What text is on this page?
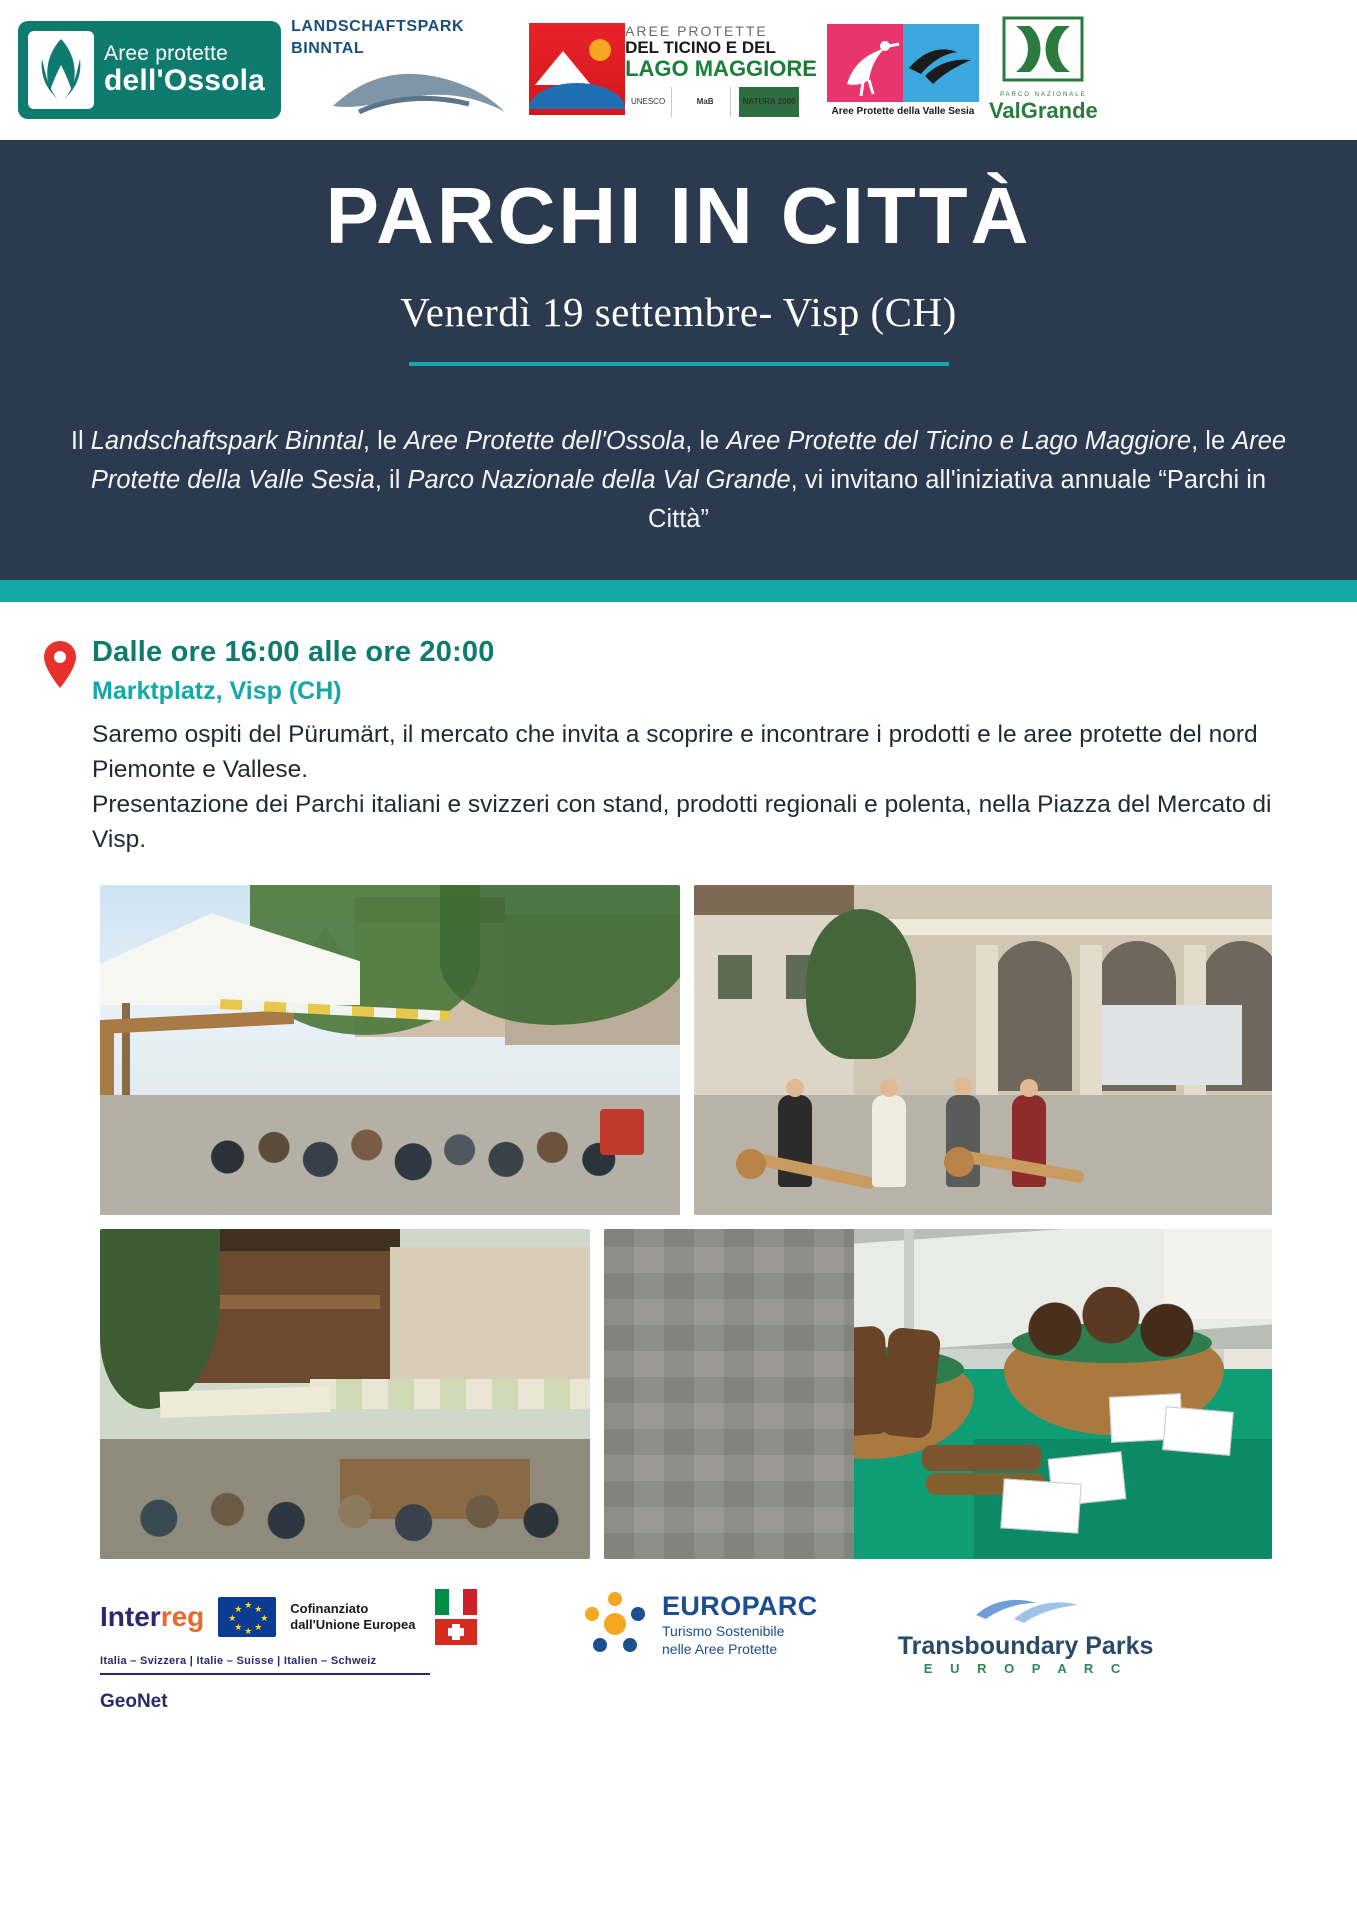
Aree protette
dell'Ossola
LANDSCHAFTSPARK
BINNTAL
AREE PROTETTE
DEL TICINO E DEL
LAGO MAGGIORE
UNESCO	MaB	NATURA 2000
Aree Protette della Valle Sesia
PARCO NAZIONALE
ValGrande
PARCHI IN CITTÀ
Venerdì 19 settembre- Visp (CH)

Il Landschaftspark Binntal, le Aree Protette dell'Ossola, le Aree Protette del Ticino e Lago Maggiore, le Aree Protette della Valle Sesia, il Parco Nazionale della Val Grande, vi invitano all'iniziativa annuale “Parchi in Città”

Dalle ore 16:00 alle ore 20:00

Marktplatz, Visp (CH)

Saremo ospiti del Pürumärt, il mercato che invita a scoprire e incontrare i prodotti e le aree protette del nord Piemonte e Vallese.
Presentazione dei Parchi italiani e svizzeri con stand, prodotti regionali e polenta, nella Piazza del Mercato di Visp.

Interreg	★ ★
★
★
★
★
★
★	Cofinanziato
dall'Unione Europea
Italia – Svizzera | Italie – Suisse | Italien – Schweiz
GeoNet
EUROPARC
Turismo Sostenibile
nelle Aree Protette	Transboundary Parks
E U R O P A R C
